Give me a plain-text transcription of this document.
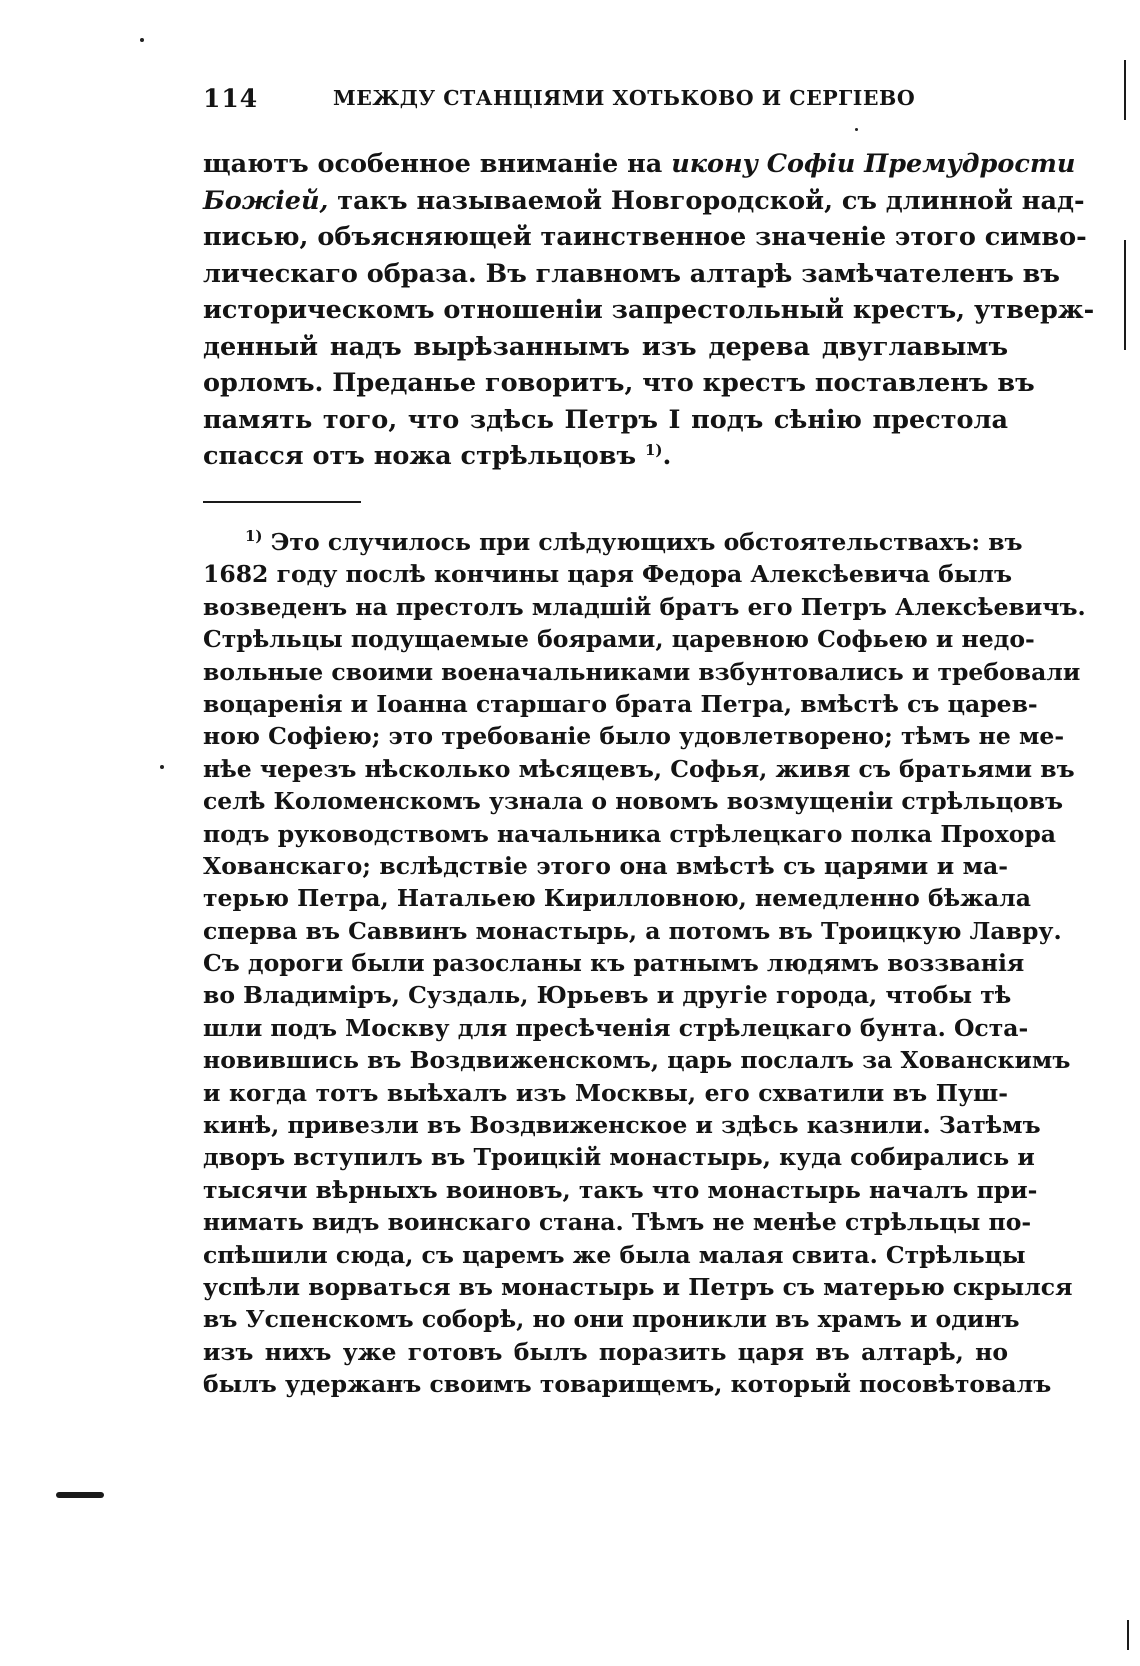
114	МЕЖДУ СТАНЦІЯМИ ХОТЬКОВО И СЕРГІЕВО
щаютъ особенное вниманіе на икону Софіи Премудрости
Божіей, такъ называемой Новгородской, съ длинной над-
писью, объясняющей таинственное значеніе этого симво-
лическаго образа. Въ главномъ алтарѣ замѣчателенъ въ
историческомъ отношеніи запрестольный крестъ, утверж-
денный надъ вырѣзаннымъ изъ дерева двуглавымъ
орломъ. Преданье говоритъ, что крестъ поставленъ въ
память того, что здѣсь Петръ I подъ сѣнію престола
спасся отъ ножа стрѣльцовъ $^{1)}$.
$^{1)}$ Это случилось при слѣдующихъ обстоятельствахъ: въ
1682 году послѣ кончины царя Федора Алексѣевича былъ
возведенъ на престолъ младшій братъ его Петръ Алексѣевичъ.
Стрѣльцы подущаемые боярами, царевною Софьею и недо-
вольные своими военачальниками взбунтовались и требовали
воцаренія и Іоанна старшаго брата Петра, вмѣстѣ съ царев-
ною Софіею; это требованіе было удовлетворено; тѣмъ не ме-
нѣе черезъ нѣсколько мѣсяцевъ, Софья, живя съ братьями въ
селѣ Коломенскомъ узнала о новомъ возмущеніи стрѣльцовъ
подъ руководствомъ начальника стрѣлецкаго полка Прохора
Хованскаго; вслѣдствіе этого она вмѣстѣ съ царями и ма-
терью Петра, Натальею Кирилловною, немедленно бѣжала
сперва въ Саввинъ монастырь, а потомъ въ Троицкую Лавру.
Съ дороги были разосланы къ ратнымъ людямъ воззванія
во Владиміръ, Суздаль, Юрьевъ и другіе города, чтобы тѣ
шли подъ Москву для пресѣченія стрѣлецкаго бунта. Оста-
новившись въ Воздвиженскомъ, царь послалъ за Хованскимъ
и когда тотъ выѣхалъ изъ Москвы, его схватили въ Пуш-
кинѣ, привезли въ Воздвиженское и здѣсь казнили. Затѣмъ
дворъ вступилъ въ Троицкій монастырь, куда собирались и
тысячи вѣрныхъ воиновъ, такъ что монастырь началъ при-
нимать видъ воинскаго стана. Тѣмъ не менѣе стрѣльцы по-
спѣшили сюда, съ царемъ же была малая свита. Стрѣльцы
успѣли ворваться въ монастырь и Петръ съ матерью скрылся
въ Успенскомъ соборѣ, но они проникли въ храмъ и одинъ
изъ нихъ уже готовъ былъ поразить царя въ алтарѣ, но
былъ удержанъ своимъ товарищемъ, который посовѣтовалъ
